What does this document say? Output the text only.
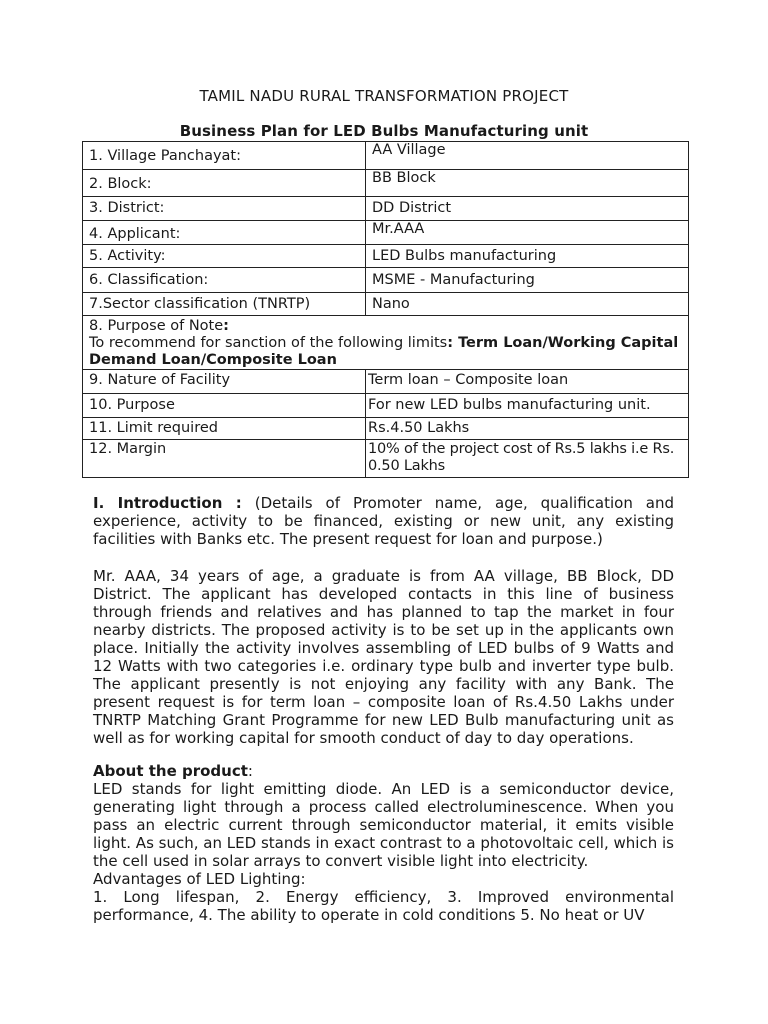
TAMIL NADU RURAL TRANSFORMATION PROJECT
Business Plan for LED Bulbs Manufacturing unit
1. Village Panchayat:	AA Village
2. Block:	BB Block
3. District:	DD District
4. Applicant:	Mr.AAA
5. Activity:	LED Bulbs manufacturing
6. Classification:	MSME - Manufacturing
7.Sector classification (TNRTP)	Nano
8. Purpose of Note:
To recommend for sanction of the following limits: Term Loan/Working Capital Demand Loan/Composite Loan	
9. Nature of Facility	Term loan – Composite loan
10. Purpose	For new LED bulbs manufacturing unit.
11. Limit required	Rs.4.50 Lakhs
12. Margin	10% of the project cost of Rs.5 lakhs i.e Rs. 0.50 Lakhs

I. Introduction : (Details of Promoter name, age, qualification and experience, activity to be financed, existing or new unit, any existing facilities with Banks etc. The present request for loan and purpose.)

Mr. AAA, 34 years of age, a graduate is from AA village, BB Block, DD District. The applicant has developed contacts in this line of business through friends and relatives and has planned to tap the market in four nearby districts. The proposed activity is to be set up in the applicants own place. Initially the activity involves assembling of LED bulbs of 9 Watts and 12 Watts with two categories i.e. ordinary type bulb and inverter type bulb. The applicant presently is not enjoying any facility with any Bank. The present request is for term loan – composite loan of Rs.4.50 Lakhs under TNRTP Matching Grant Programme for new LED Bulb manufacturing unit as well as for working capital for smooth conduct of day to day operations.

About the product:

LED stands for light emitting diode. An LED is a semiconductor device, generating light through a process called electroluminescence. When you pass an electric current through semiconductor material, it emits visible light. As such, an LED stands in exact contrast to a photovoltaic cell, which is the cell used in solar arrays to convert visible light into electricity.

Advantages of LED Lighting:

1. Long lifespan, 2. Energy efficiency, 3. Improved environmental performance, 4. The ability to operate in cold conditions 5. No heat or UV
